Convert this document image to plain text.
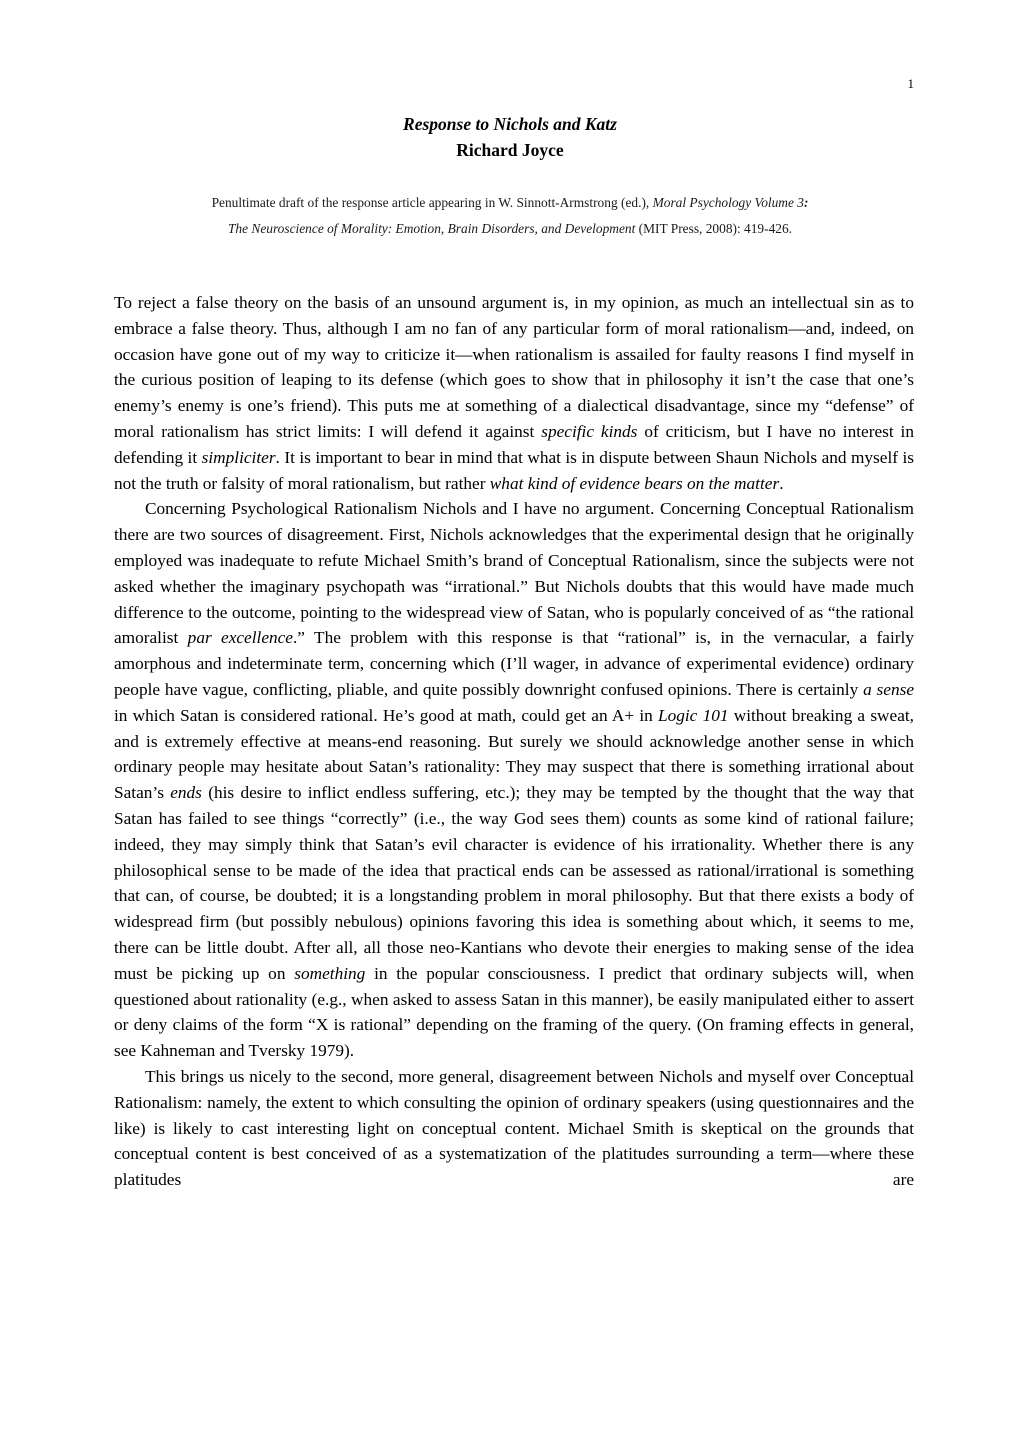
1

Response to Nichols and Katz

Richard Joyce

Penultimate draft of the response article appearing in W. Sinnott-Armstrong (ed.), Moral Psychology Volume 3:
The Neuroscience of Morality: Emotion, Brain Disorders, and Development (MIT Press, 2008): 419-426.

To reject a false theory on the basis of an unsound argument is, in my opinion, as much an intellectual sin as to embrace a false theory. Thus, although I am no fan of any particular form of moral rationalism—and, indeed, on occasion have gone out of my way to criticize it—when rationalism is assailed for faulty reasons I find myself in the curious position of leaping to its defense (which goes to show that in philosophy it isn’t the case that one’s enemy’s enemy is one’s friend). This puts me at something of a dialectical disadvantage, since my “defense” of moral rationalism has strict limits: I will defend it against specific kinds of criticism, but I have no interest in defending it simpliciter. It is important to bear in mind that what is in dispute between Shaun Nichols and myself is not the truth or falsity of moral rationalism, but rather what kind of evidence bears on the matter.

Concerning Psychological Rationalism Nichols and I have no argument. Concerning Conceptual Rationalism there are two sources of disagreement. First, Nichols acknowledges that the experimental design that he originally employed was inadequate to refute Michael Smith’s brand of Conceptual Rationalism, since the subjects were not asked whether the imaginary psychopath was “irrational.” But Nichols doubts that this would have made much difference to the outcome, pointing to the widespread view of Satan, who is popularly conceived of as “the rational amoralist par excellence.” The problem with this response is that “rational” is, in the vernacular, a fairly amorphous and indeterminate term, concerning which (I’ll wager, in advance of experimental evidence) ordinary people have vague, conflicting, pliable, and quite possibly downright confused opinions. There is certainly a sense in which Satan is considered rational. He’s good at math, could get an A+ in Logic 101 without breaking a sweat, and is extremely effective at means-end reasoning. But surely we should acknowledge another sense in which ordinary people may hesitate about Satan’s rationality: They may suspect that there is something irrational about Satan’s ends (his desire to inflict endless suffering, etc.); they may be tempted by the thought that the way that Satan has failed to see things “correctly” (i.e., the way God sees them) counts as some kind of rational failure; indeed, they may simply think that Satan’s evil character is evidence of his irrationality. Whether there is any philosophical sense to be made of the idea that practical ends can be assessed as rational/irrational is something that can, of course, be doubted; it is a longstanding problem in moral philosophy. But that there exists a body of widespread firm (but possibly nebulous) opinions favoring this idea is something about which, it seems to me, there can be little doubt. After all, all those neo-Kantians who devote their energies to making sense of the idea must be picking up on something in the popular consciousness. I predict that ordinary subjects will, when questioned about rationality (e.g., when asked to assess Satan in this manner), be easily manipulated either to assert or deny claims of the form “X is rational” depending on the framing of the query. (On framing effects in general, see Kahneman and Tversky 1979).

This brings us nicely to the second, more general, disagreement between Nichols and myself over Conceptual Rationalism: namely, the extent to which consulting the opinion of ordinary speakers (using questionnaires and the like) is likely to cast interesting light on conceptual content. Michael Smith is skeptical on the grounds that conceptual content is best conceived of as a systematization of the platitudes surrounding a term—where these platitudes are
